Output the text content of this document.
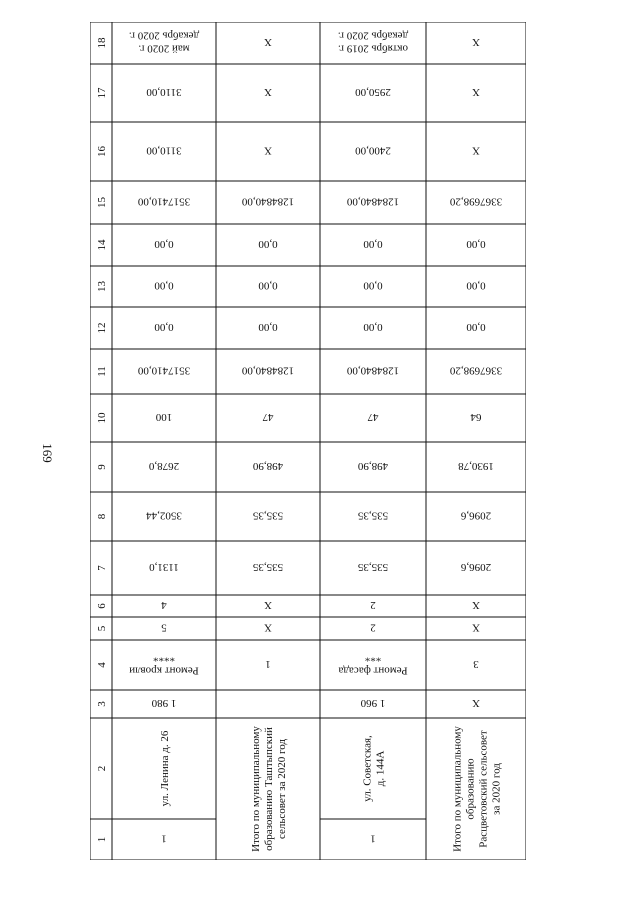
169
1
2
3
4
5
6
7
8
9
10
11
12
13
14
15
16
17
18
1
ул. Ленина д. 26
1 980
Ремонт кровли****
5
4
1131,0
3502,44
2678,0
100
3517410,00
0,00
0,00
0,00
3517410,00
3110,00
3110,00
май 2020 г.декабрь 2020 г.
Итого по муниципальномуобразованию Таштыпскийсельсовет за 2020 год
1
X
X
535,35
535,35
498,90
47
1284840,00
0,00
0,00
0,00
1284840,00
X
X
X
1
ул. Советская,д. 144А
1 960
Ремонт фасада***
2
2
535,35
535,35
498,90
47
1284840,00
0,00
0,00
0,00
1284840,00
2400,00
2950,00
октябрь 2019 г.декабрь 2020 г.
Итого по муниципальномуобразованиюРасцветовский сельсоветза 2020 год
X
3
X
X
2096,6
2096,6
1930,78
64
3367698,20
0,00
0,00
0,00
3367698,20
X
X
X
